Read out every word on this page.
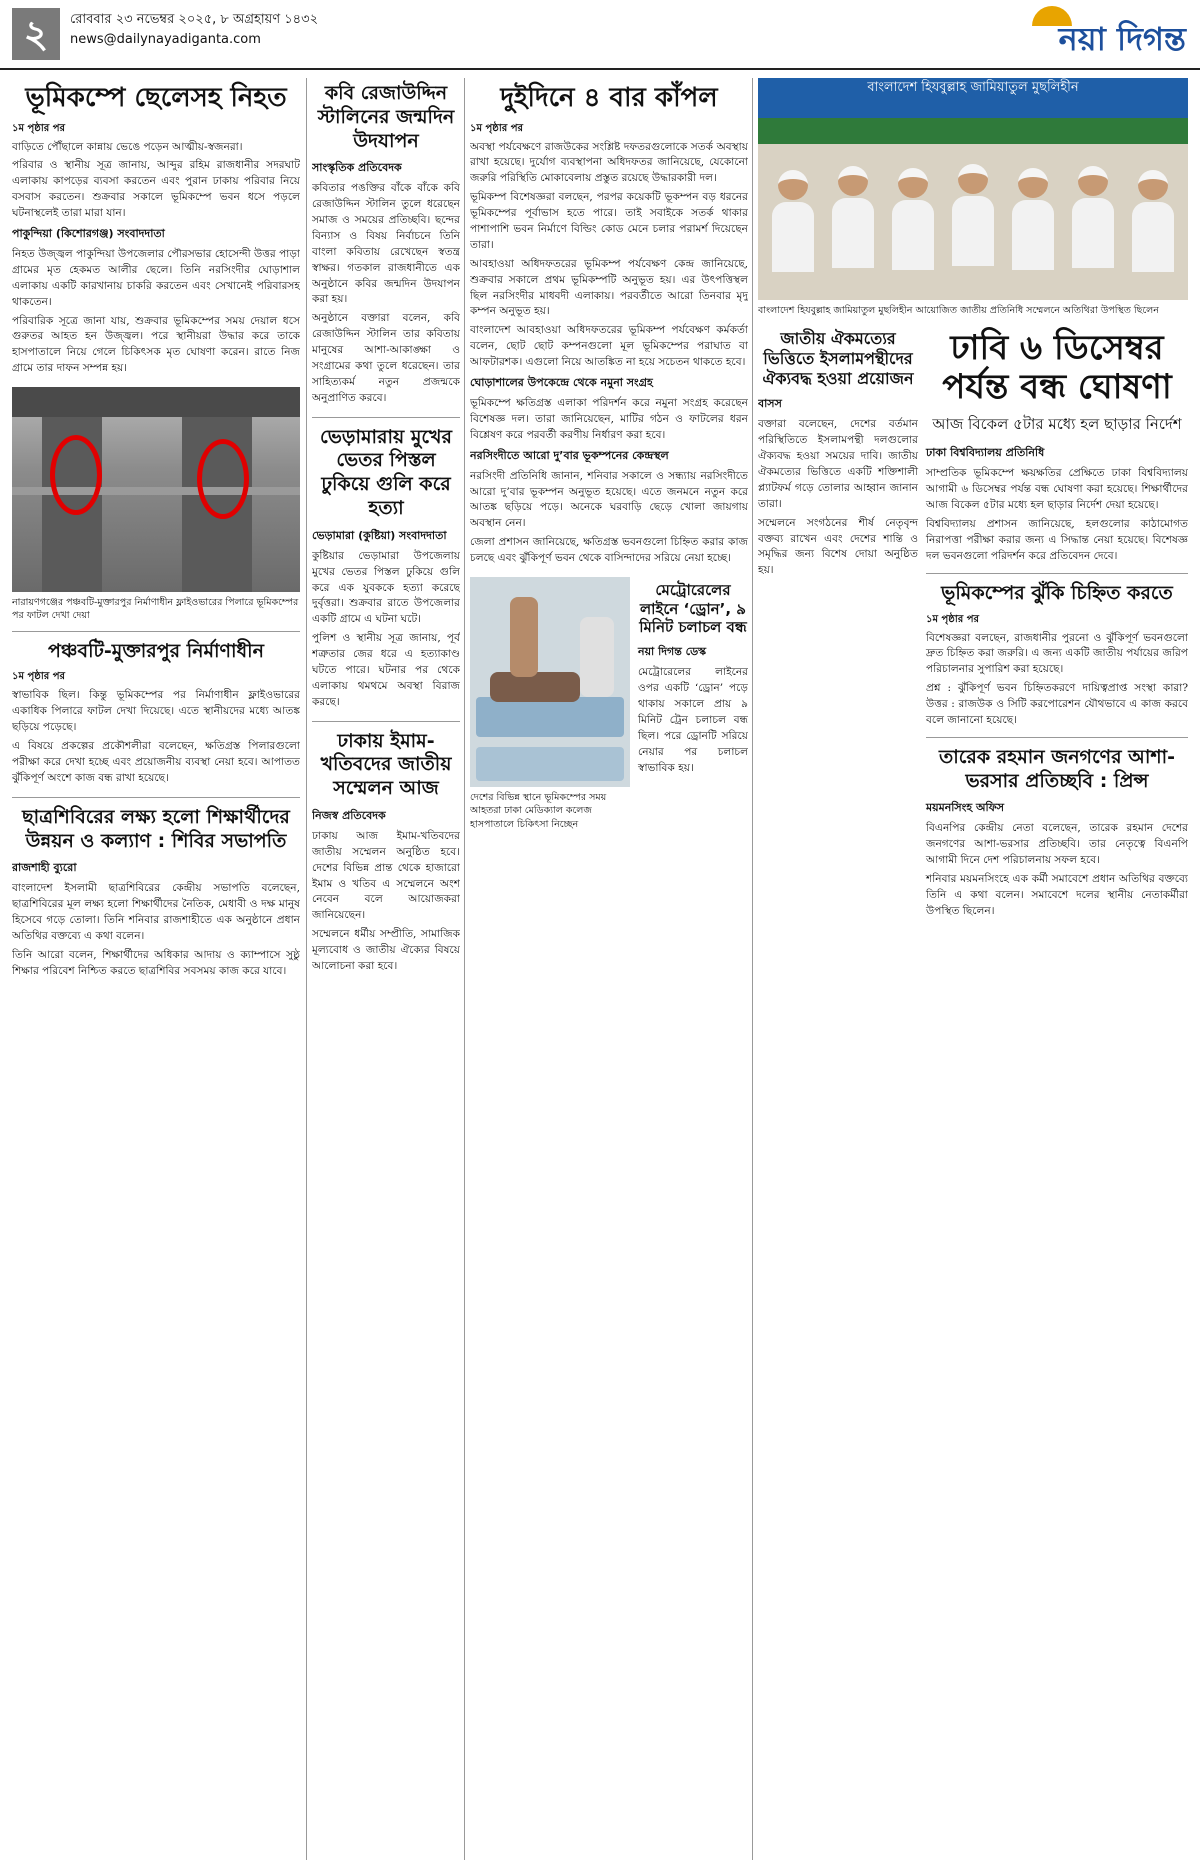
২	রোববার ২৩ নভেম্বর ২০২৫, ৮ অগ্রহায়ণ ১৪৩২
news@dailynayadiganta.com	নয়া দিগন্ত
ভূমিকম্পে ছেলেসহ নিহত
১ম পৃষ্ঠার পর

বাড়িতে পৌঁছালে কান্নায় ভেঙে পড়েন আত্মীয়-স্বজনরা।

পরিবার ও স্থানীয় সূত্র জানায়, আব্দুর রহিম রাজধানীর সদরঘাট এলাকায় কাপড়ের ব্যবসা করতেন এবং পুরান ঢাকায় পরিবার নিয়ে বসবাস করতেন। শুক্রবার সকালে ভূমিকম্পে ভবন ধসে পড়লে ঘটনাস্থলেই তারা মারা যান।

পাকুন্দিয়া (কিশোরগঞ্জ) সংবাদদাতা

নিহত উজ্জ্বল পাকুন্দিয়া উপজেলার পৌরসভার হোসেন্দী উত্তর পাড়া গ্রামের মৃত হেকমত আলীর ছেলে। তিনি নরসিংদীর ঘোড়াশাল এলাকায় একটি কারখানায় চাকরি করতেন এবং সেখানেই পরিবারসহ থাকতেন।

পরিবারিক সূত্রে জানা যায়, শুক্রবার ভূমিকম্পের সময় দেয়াল ধসে গুরুতর আহত হন উজ্জ্বল। পরে স্থানীয়রা উদ্ধার করে তাকে হাসপাতালে নিয়ে গেলে চিকিৎসক মৃত ঘোষণা করেন। রাতে নিজ গ্রামে তার দাফন সম্পন্ন হয়।

নারায়ণগঞ্জের পঞ্চবটি-মুক্তারপুর নির্মাণাধীন ফ্লাইওভারের পিলারে ভূমিকম্পের পর ফাটল দেখা দেয়া
পঞ্চবটি-মুক্তারপুর নির্মাণাধীন
১ম পৃষ্ঠার পর

স্বাভাবিক ছিল। কিন্তু ভূমিকম্পের পর নির্মাণাধীন ফ্লাইওভারের একাধিক পিলারে ফাটল দেখা দিয়েছে। এতে স্থানীয়দের মধ্যে আতঙ্ক ছড়িয়ে পড়েছে।

এ বিষয়ে প্রকল্পের প্রকৌশলীরা বলেছেন, ক্ষতিগ্রস্ত পিলারগুলো পরীক্ষা করে দেখা হচ্ছে এবং প্রয়োজনীয় ব্যবস্থা নেয়া হবে। আপাতত ঝুঁকিপূর্ণ অংশে কাজ বন্ধ রাখা হয়েছে।

ছাত্রশিবিরের লক্ষ্য হলো শিক্ষার্থীদের উন্নয়ন ও কল্যাণ : শিবির সভাপতি
রাজশাহী ব্যুরো

বাংলাদেশ ইসলামী ছাত্রশিবিরের কেন্দ্রীয় সভাপতি বলেছেন, ছাত্রশিবিরের মূল লক্ষ্য হলো শিক্ষার্থীদের নৈতিক, মেধাবী ও দক্ষ মানুষ হিসেবে গড়ে তোলা। তিনি শনিবার রাজশাহীতে এক অনুষ্ঠানে প্রধান অতিথির বক্তব্যে এ কথা বলেন।

তিনি আরো বলেন, শিক্ষার্থীদের অধিকার আদায় ও ক্যাম্পাসে সুষ্ঠু শিক্ষার পরিবেশ নিশ্চিত করতে ছাত্রশিবির সবসময় কাজ করে যাবে।

কবি রেজাউদ্দিন স্টালিনের জন্মদিন উদযাপন
সাংস্কৃতিক প্রতিবেদক

কবিতার পঙক্তির বাঁকে বাঁকে কবি রেজাউদ্দিন স্টালিন তুলে ধরেছেন সমাজ ও সময়ের প্রতিচ্ছবি। ছন্দের বিন্যাস ও বিষয় নির্বাচনে তিনি বাংলা কবিতায় রেখেছেন স্বতন্ত্র স্বাক্ষর। গতকাল রাজধানীতে এক অনুষ্ঠানে কবির জন্মদিন উদযাপন করা হয়।

অনুষ্ঠানে বক্তারা বলেন, কবি রেজাউদ্দিন স্টালিন তার কবিতায় মানুষের আশা-আকাঙ্ক্ষা ও সংগ্রামের কথা তুলে ধরেছেন। তার সাহিত্যকর্ম নতুন প্রজন্মকে অনুপ্রাণিত করবে।

ভেড়ামারায় মুখের ভেতর পিস্তল ঢুকিয়ে গুলি করে হত্যা
ভেড়ামারা (কুষ্টিয়া) সংবাদদাতা

কুষ্টিয়ার ভেড়ামারা উপজেলায় মুখের ভেতর পিস্তল ঢুকিয়ে গুলি করে এক যুবককে হত্যা করেছে দুর্বৃত্তরা। শুক্রবার রাতে উপজেলার একটি গ্রামে এ ঘটনা ঘটে।

পুলিশ ও স্থানীয় সূত্র জানায়, পূর্ব শত্রুতার জের ধরে এ হত্যাকাণ্ড ঘটতে পারে। ঘটনার পর থেকে এলাকায় থমথমে অবস্থা বিরাজ করছে।

ঢাকায় ইমাম-খতিবদের জাতীয় সম্মেলন আজ
নিজস্ব প্রতিবেদক

ঢাকায় আজ ইমাম-খতিবদের জাতীয় সম্মেলন অনুষ্ঠিত হবে। দেশের বিভিন্ন প্রান্ত থেকে হাজারো ইমাম ও খতিব এ সম্মেলনে অংশ নেবেন বলে আয়োজকরা জানিয়েছেন।

সম্মেলনে ধর্মীয় সম্প্রীতি, সামাজিক মূল্যবোধ ও জাতীয় ঐক্যের বিষয়ে আলোচনা করা হবে।

দুইদিনে ৪ বার কাঁপল
১ম পৃষ্ঠার পর

অবস্থা পর্যবেক্ষণে রাজউকের সংশ্লিষ্ট দফতরগুলোকে সতর্ক অবস্থায় রাখা হয়েছে। দুর্যোগ ব্যবস্থাপনা অধিদফতর জানিয়েছে, যেকোনো জরুরি পরিস্থিতি মোকাবেলায় প্রস্তুত রয়েছে উদ্ধারকারী দল।

ভূমিকম্প বিশেষজ্ঞরা বলছেন, পরপর কয়েকটি ভূকম্পন বড় ধরনের ভূমিকম্পের পূর্বাভাস হতে পারে। তাই সবাইকে সতর্ক থাকার পাশাপাশি ভবন নির্মাণে বিল্ডিং কোড মেনে চলার পরামর্শ দিয়েছেন তারা।

আবহাওয়া অধিদফতরের ভূমিকম্প পর্যবেক্ষণ কেন্দ্র জানিয়েছে, শুক্রবার সকালে প্রথম ভূমিকম্পটি অনুভূত হয়। এর উৎপত্তিস্থল ছিল নরসিংদীর মাধবদী এলাকায়। পরবর্তীতে আরো তিনবার মৃদু কম্পন অনুভূত হয়।

বাংলাদেশ আবহাওয়া অধিদফতরের ভূমিকম্প পর্যবেক্ষণ কর্মকর্তা বলেন, ছোট ছোট কম্পনগুলো মূল ভূমিকম্পের পরাঘাত বা আফটারশক। এগুলো নিয়ে আতঙ্কিত না হয়ে সচেতন থাকতে হবে।

ঘোড়াশালের উপকেন্দ্রে থেকে নমুনা সংগ্রহ

ভূমিকম্পে ক্ষতিগ্রস্ত এলাকা পরিদর্শন করে নমুনা সংগ্রহ করেছেন বিশেষজ্ঞ দল। তারা জানিয়েছেন, মাটির গঠন ও ফাটলের ধরন বিশ্লেষণ করে পরবর্তী করণীয় নির্ধারণ করা হবে।

নরসিংদীতে আরো দু’বার ভূকম্পনের কেন্দ্রস্থল

নরসিংদী প্রতিনিধি জানান, শনিবার সকালে ও সন্ধ্যায় নরসিংদীতে আরো দু’বার ভূকম্পন অনুভূত হয়েছে। এতে জনমনে নতুন করে আতঙ্ক ছড়িয়ে পড়ে। অনেকে ঘরবাড়ি ছেড়ে খোলা জায়গায় অবস্থান নেন।

জেলা প্রশাসন জানিয়েছে, ক্ষতিগ্রস্ত ভবনগুলো চিহ্নিত করার কাজ চলছে এবং ঝুঁকিপূর্ণ ভবন থেকে বাসিন্দাদের সরিয়ে নেয়া হচ্ছে।

দেশের বিভিন্ন স্থানে ভূমিকম্পের সময় আহতরা ঢাকা মেডিক্যাল কলেজ হাসপাতালে চিকিৎসা নিচ্ছেন
মেট্রোরেলের লাইনে ‘ড্রোন’, ৯ মিনিট চলাচল বন্ধ
নয়া দিগন্ত ডেস্ক

মেট্রোরেলের লাইনের ওপর একটি ‘ড্রোন’ পড়ে থাকায় সকালে প্রায় ৯ মিনিট ট্রেন চলাচল বন্ধ ছিল। পরে ড্রোনটি সরিয়ে নেয়ার পর চলাচল স্বাভাবিক হয়।

বাংলাদেশ হিযবুল্লাহ জামিয়াতুল মুছলিহীন
বাংলাদেশ হিযবুল্লাহ জামিয়াতুল মুছলিহীন আয়োজিত জাতীয় প্রতিনিধি সম্মেলনে অতিথিরা উপস্থিত ছিলেন
জাতীয় ঐকমত্যের ভিত্তিতে ইসলামপন্থীদের ঐক্যবদ্ধ হওয়া প্রয়োজন
বাসস

বক্তারা বলেছেন, দেশের বর্তমান পরিস্থিতিতে ইসলামপন্থী দলগুলোর ঐক্যবদ্ধ হওয়া সময়ের দাবি। জাতীয় ঐকমত্যের ভিত্তিতে একটি শক্তিশালী প্ল্যাটফর্ম গড়ে তোলার আহ্বান জানান তারা।

সম্মেলনে সংগঠনের শীর্ষ নেতৃবৃন্দ বক্তব্য রাখেন এবং দেশের শান্তি ও সমৃদ্ধির জন্য বিশেষ দোয়া অনুষ্ঠিত হয়।

ঢাবি ৬ ডিসেম্বর পর্যন্ত বন্ধ ঘোষণা
আজ বিকেল ৫টার মধ্যে হল ছাড়ার নির্দেশ
ঢাকা বিশ্ববিদ্যালয় প্রতিনিধি

সাম্প্রতিক ভূমিকম্পে ক্ষয়ক্ষতির প্রেক্ষিতে ঢাকা বিশ্ববিদ্যালয় আগামী ৬ ডিসেম্বর পর্যন্ত বন্ধ ঘোষণা করা হয়েছে। শিক্ষার্থীদের আজ বিকেল ৫টার মধ্যে হল ছাড়ার নির্দেশ দেয়া হয়েছে।

বিশ্ববিদ্যালয় প্রশাসন জানিয়েছে, হলগুলোর কাঠামোগত নিরাপত্তা পরীক্ষা করার জন্য এ সিদ্ধান্ত নেয়া হয়েছে। বিশেষজ্ঞ দল ভবনগুলো পরিদর্শন করে প্রতিবেদন দেবে।

ভূমিকম্পের ঝুঁকি চিহ্নিত করতে
১ম পৃষ্ঠার পর

বিশেষজ্ঞরা বলছেন, রাজধানীর পুরনো ও ঝুঁকিপূর্ণ ভবনগুলো দ্রুত চিহ্নিত করা জরুরি। এ জন্য একটি জাতীয় পর্যায়ের জরিপ পরিচালনার সুপারিশ করা হয়েছে।

প্রশ্ন : ঝুঁকিপূর্ণ ভবন চিহ্নিতকরণে দায়িত্বপ্রাপ্ত সংস্থা কারা? উত্তর : রাজউক ও সিটি করপোরেশন যৌথভাবে এ কাজ করবে বলে জানানো হয়েছে।

তারেক রহমান জনগণের আশা-ভরসার প্রতিচ্ছবি : প্রিন্স
ময়মনসিংহ অফিস

বিএনপির কেন্দ্রীয় নেতা বলেছেন, তারেক রহমান দেশের জনগণের আশা-ভরসার প্রতিচ্ছবি। তার নেতৃত্বে বিএনপি আগামী দিনে দেশ পরিচালনায় সফল হবে।

শনিবার ময়মনসিংহে এক কর্মী সমাবেশে প্রধান অতিথির বক্তব্যে তিনি এ কথা বলেন। সমাবেশে দলের স্থানীয় নেতাকর্মীরা উপস্থিত ছিলেন।
